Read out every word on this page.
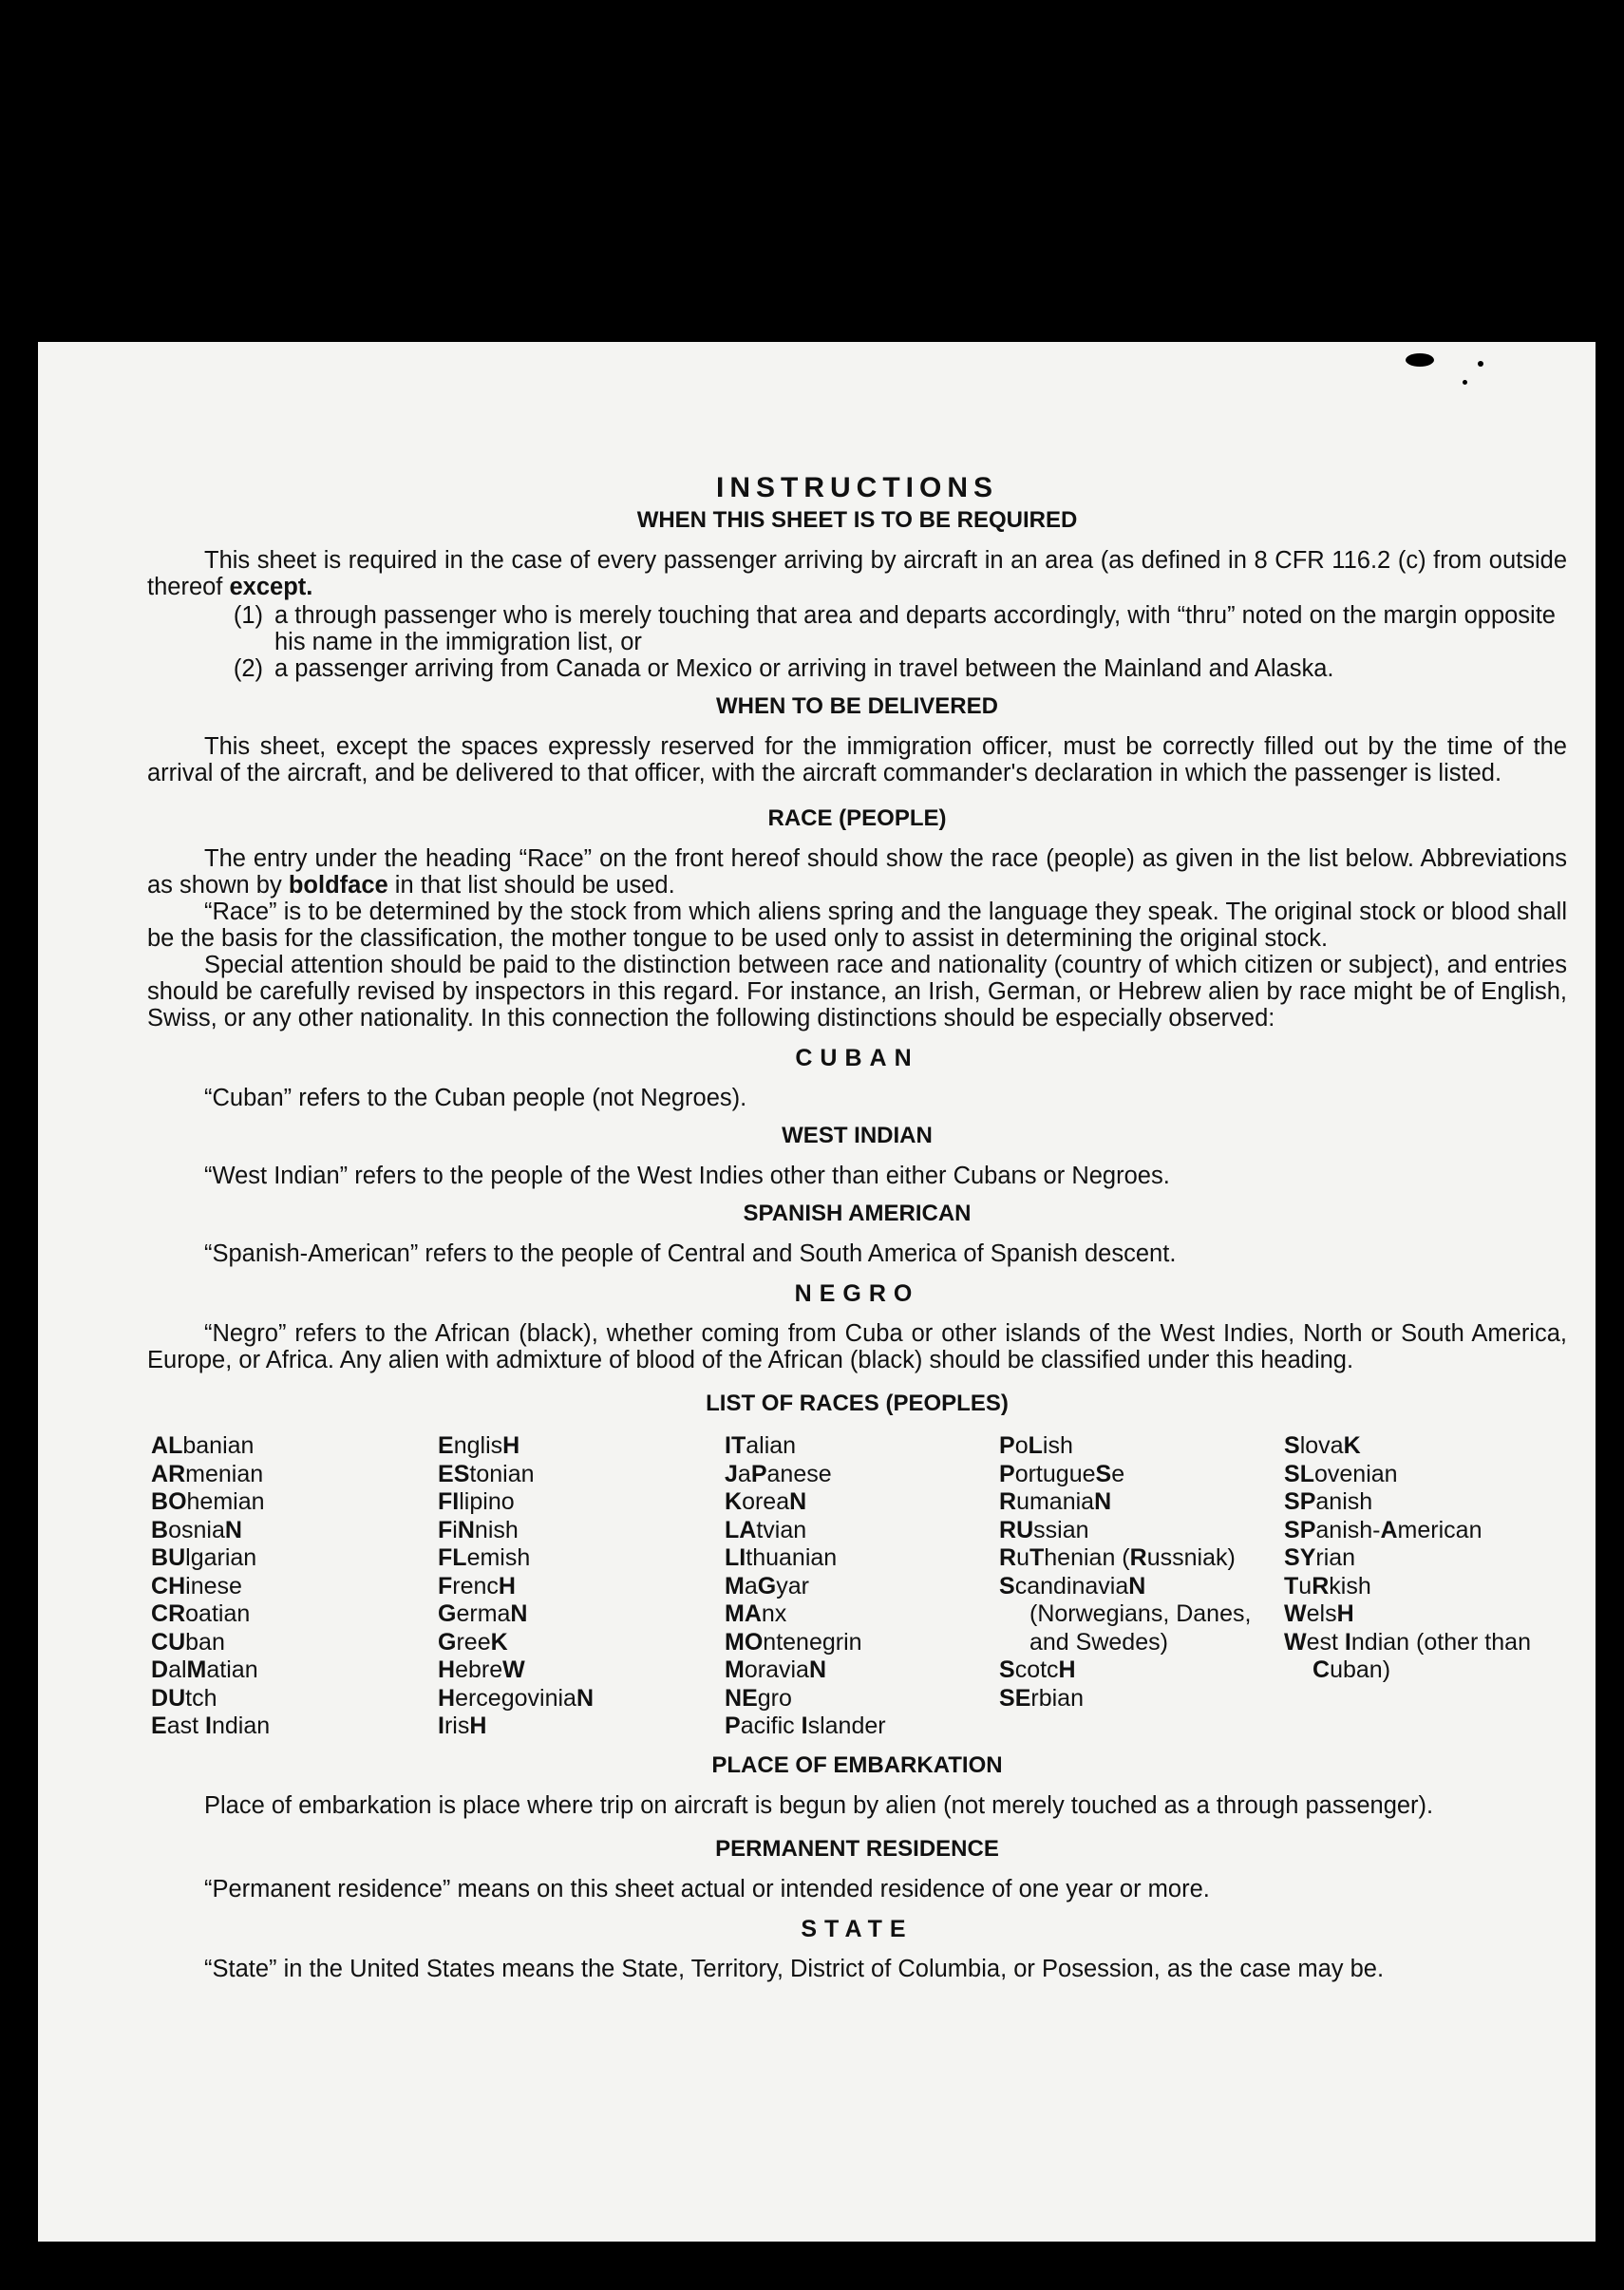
INSTRUCTIONS
WHEN THIS SHEET IS TO BE REQUIRED

This sheet is required in the case of every passenger arriving by aircraft in an area (as defined in 8 CFR 116.2 (c) from outside thereof except.

(1) a through passenger who is merely touching that area and departs accordingly, with “thru” noted on the margin opposite his name in the immigration list, or
(2) a passenger arriving from Canada or Mexico or arriving in travel between the Mainland and Alaska.
WHEN TO BE DELIVERED

This sheet, except the spaces expressly reserved for the immigration officer, must be correctly filled out by the time of the arrival of the aircraft, and be delivered to that officer, with the aircraft commander's declaration in which the passenger is listed.

RACE (PEOPLE)

The entry under the heading “Race” on the front hereof should show the race (people) as given in the list below. Abbreviations as shown by boldface in that list should be used.

“Race” is to be determined by the stock from which aliens spring and the language they speak. The original stock or blood shall be the basis for the classification, the mother tongue to be used only to assist in determining the original stock.

Special attention should be paid to the distinction between race and nationality (country of which citizen or subject), and entries should be carefully revised by inspectors in this regard. For instance, an Irish, German, or Hebrew alien by race might be of English, Swiss, or any other nationality. In this connection the following distinctions should be especially observed:

CUBAN

“Cuban” refers to the Cuban people (not Negroes).

WEST INDIAN

“West Indian” refers to the people of the West Indies other than either Cubans or Negroes.

SPANISH AMERICAN

“Spanish-American” refers to the people of Central and South America of Spanish descent.

NEGRO

“Negro” refers to the African (black), whether coming from Cuba or other islands of the West Indies, North or South America, Europe, or Africa. Any alien with admixture of blood of the African (black) should be classified under this heading.

LIST OF RACES (PEOPLES)
ALbanian
ARmenian
BOhemian
BosniaN
BUlgarian
CHinese
CRoatian
CUban
DalMatian
DUtch
East Indian
EnglisH
EStonian
FIlipino
FiNnish
FLemish
FrencH
GermaN
GreeK
HebreW
HercegoviniaN
IrisH
ITalian
JaPanese
KoreaN
LAtvian
LIthuanian
MaGyar
MAnx
MOntenegrin
MoraviaN
NEgro
Pacific Islander
PoLish
PortugueSe
RumaniaN
RUssian
RuThenian (Russniak)
ScandinaviaN
(Norwegians, Danes, and Swedes)
ScotcH
SErbian
SlovaK
SLovenian
SPanish
SPanish-American
SYrian
TuRkish
WelsH
West Indian (other than Cuban)
PLACE OF EMBARKATION

Place of embarkation is place where trip on aircraft is begun by alien (not merely touched as a through passenger).

PERMANENT RESIDENCE

“Permanent residence” means on this sheet actual or intended residence of one year or more.

STATE

“State” in the United States means the State, Territory, District of Columbia, or Posession, as the case may be.
